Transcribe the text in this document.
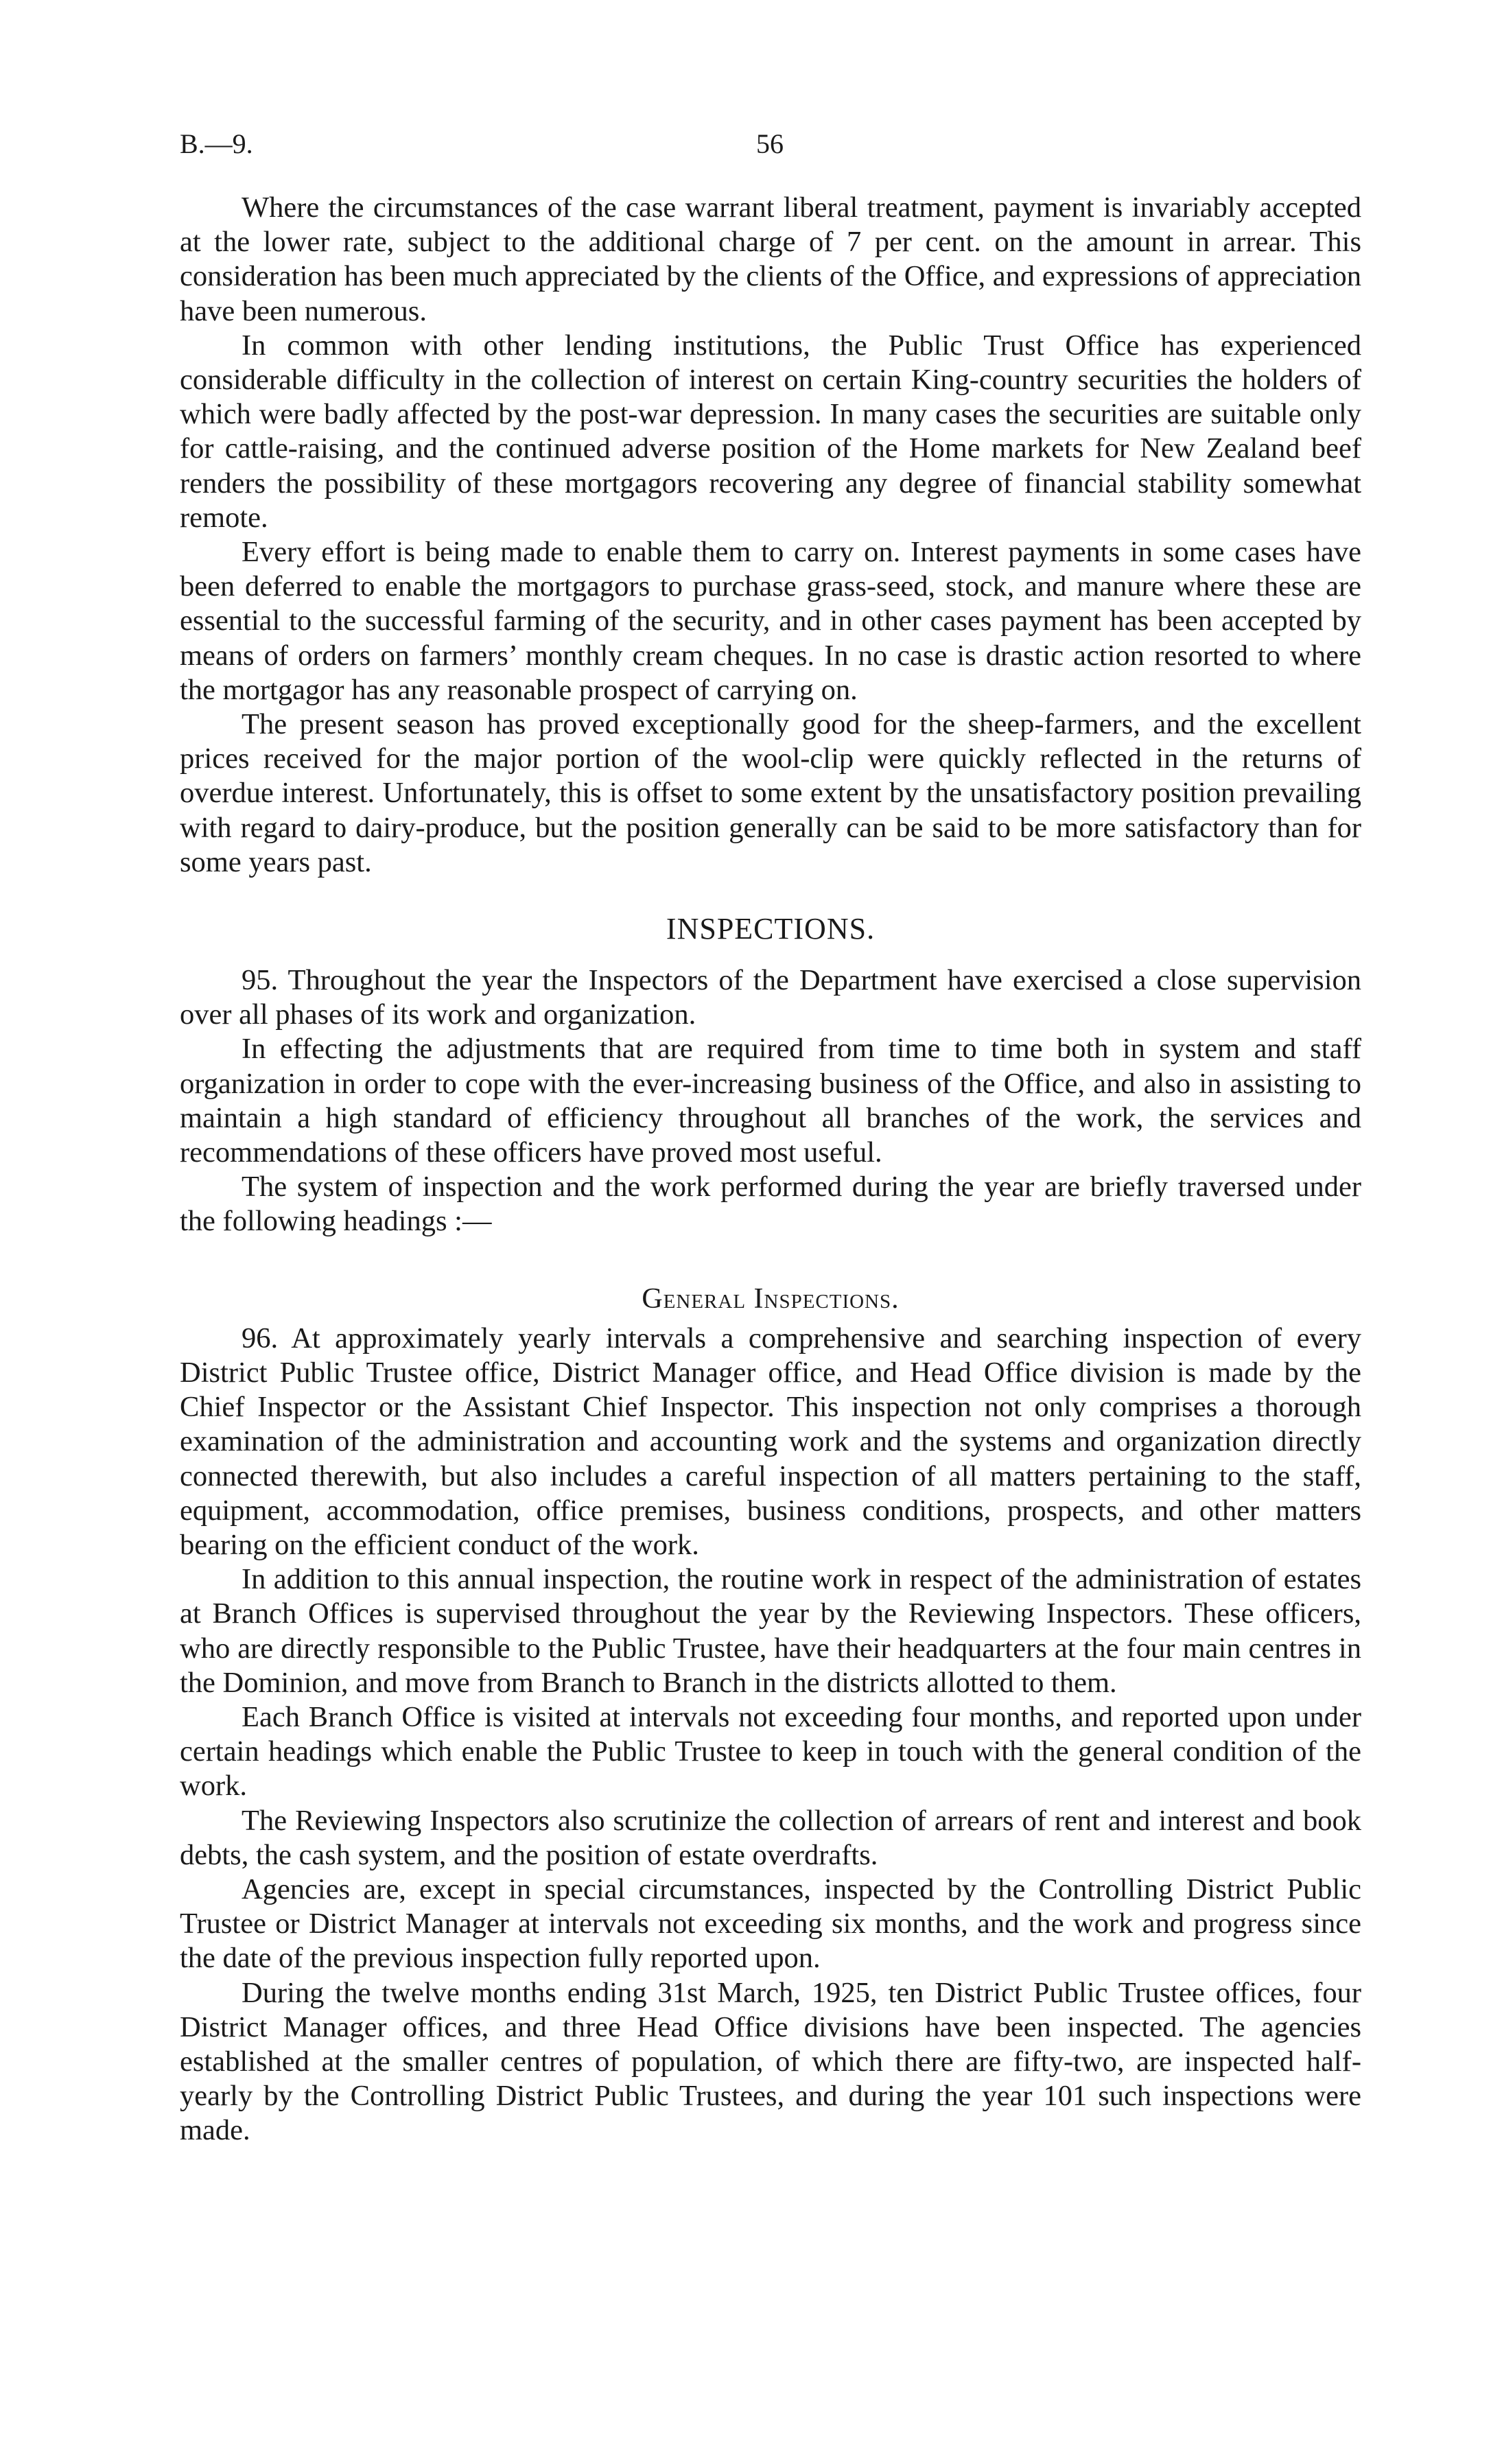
B.—9.	56

Where the circumstances of the case warrant liberal treatment, payment is invariably accepted at the lower rate, subject to the additional charge of 7 per cent. on the amount in arrear. This consideration has been much appreciated by the clients of the Office, and expressions of appreciation have been numerous.

In common with other lending institutions, the Public Trust Office has experienced considerable difficulty in the collection of interest on certain King-country securities the holders of which were badly affected by the post-war depression. In many cases the securities are suitable only for cattle-raising, and the continued adverse position of the Home markets for New Zealand beef renders the possibility of these mortgagors recovering any degree of financial stability somewhat remote.

Every effort is being made to enable them to carry on. Interest payments in some cases have been deferred to enable the mortgagors to purchase grass-seed, stock, and manure where these are essential to the successful farming of the security, and in other cases payment has been accepted by means of orders on farmers’ monthly cream cheques. In no case is drastic action resorted to where the mortgagor has any reasonable prospect of carrying on.

The present season has proved exceptionally good for the sheep-farmers, and the excellent prices received for the major portion of the wool-clip were quickly reflected in the returns of overdue interest. Unfortunately, this is offset to some extent by the unsatisfactory position prevailing with regard to dairy-produce, but the position generally can be said to be more satisfactory than for some years past.

INSPECTIONS.

95. Throughout the year the Inspectors of the Department have exercised a close supervision over all phases of its work and organization.

In effecting the adjustments that are required from time to time both in system and staff organization in order to cope with the ever-increasing business of the Office, and also in assisting to maintain a high standard of efficiency throughout all branches of the work, the services and recommendations of these officers have proved most useful.

The system of inspection and the work performed during the year are briefly traversed under the following headings :—

General Inspections.

96. At approximately yearly intervals a comprehensive and searching inspection of every District Public Trustee office, District Manager office, and Head Office division is made by the Chief Inspector or the Assistant Chief Inspector. This inspection not only comprises a thorough examination of the administration and accounting work and the systems and organization directly connected therewith, but also includes a careful inspection of all matters pertaining to the staff, equipment, accommodation, office premises, business conditions, prospects, and other matters bearing on the efficient conduct of the work.

In addition to this annual inspection, the routine work in respect of the administration of estates at Branch Offices is supervised throughout the year by the Reviewing Inspectors. These officers, who are directly responsible to the Public Trustee, have their headquarters at the four main centres in the Dominion, and move from Branch to Branch in the districts allotted to them.

Each Branch Office is visited at intervals not exceeding four months, and reported upon under certain headings which enable the Public Trustee to keep in touch with the general condition of the work.

The Reviewing Inspectors also scrutinize the collection of arrears of rent and interest and book debts, the cash system, and the position of estate overdrafts.

Agencies are, except in special circumstances, inspected by the Controlling District Public Trustee or District Manager at intervals not exceeding six months, and the work and progress since the date of the previous inspection fully reported upon.

During the twelve months ending 31st March, 1925, ten District Public Trustee offices, four District Manager offices, and three Head Office divisions have been inspected. The agencies established at the smaller centres of population, of which there are fifty-two, are inspected half-yearly by the Controlling District Public Trustees, and during the year 101 such inspections were made.
